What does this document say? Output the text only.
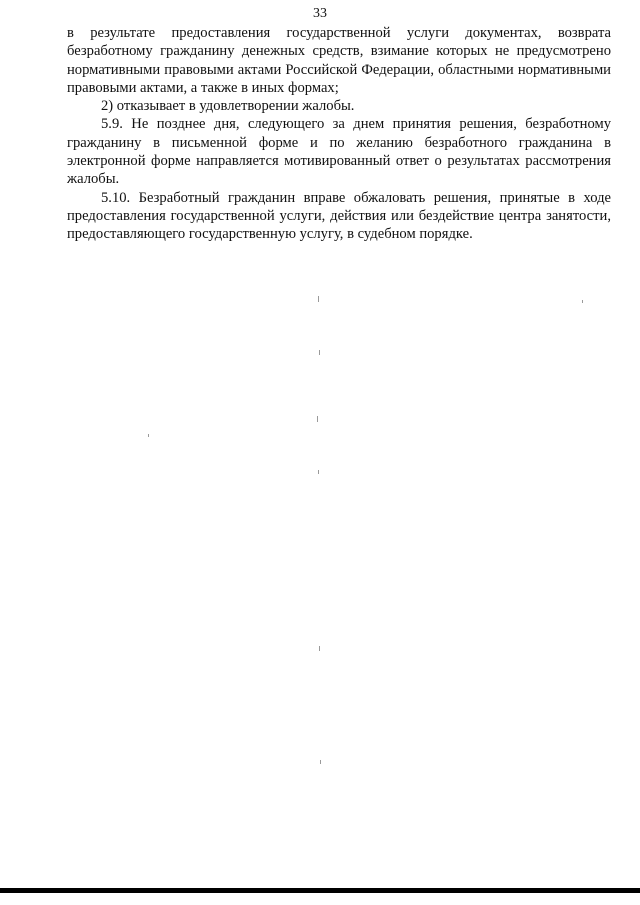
33

в результате предоставления государственной услуги документах, возврата безработному гражданину денежных средств, взимание которых не предусмотрено нормативными правовыми актами Российской Федерации, областными нормативными правовыми актами, а также в иных формах;

2) отказывает в удовлетворении жалобы.

5.9. Не позднее дня, следующего за днем принятия решения, безработному гражданину в письменной форме и по желанию безработного гражданина в электронной форме направляется мотивированный ответ о результатах рассмотрения жалобы.

5.10. Безработный гражданин вправе обжаловать решения, принятые в ходе предоставления государственной услуги, действия или бездействие центра занятости, предоставляющего государственную услугу, в судебном порядке.
